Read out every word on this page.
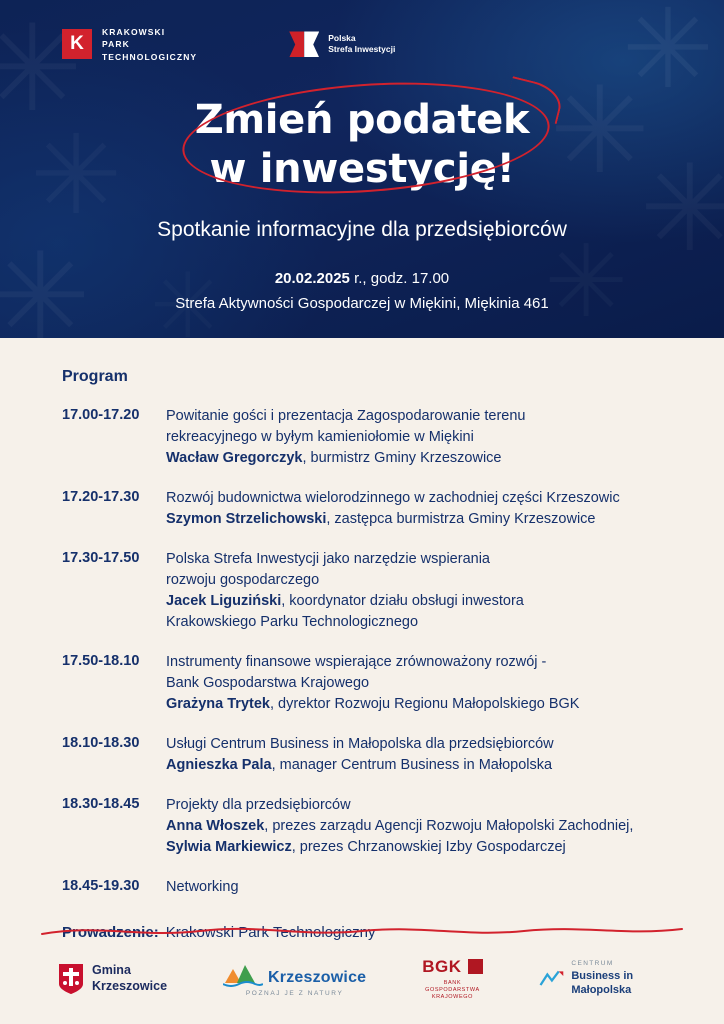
✳
K
KRAKOWSKI
PARK
TECHNOLOGICZNY
Polska
Strefa Inwestycji
Zmień podatek
w inwestycję!
Spotkanie informacyjne dla przedsiębiorców
20.02.2025 r., godz. 17.00
Strefa Aktywności Gospodarczej w Miękini, Miękinia 461
Program
17.00-17.20	Powitanie gości i prezentacja Zagospodarowanie terenu
rekreacyjnego w byłym kamieniołomie w Miękini
Wacław Gregorczyk, burmistrz Gminy Krzeszowice
17.20-17.30	Rozwój budownictwa wielorodzinnego w zachodniej części Krzeszowic
Szymon Strzelichowski, zastępca burmistrza Gminy Krzeszowice
17.30-17.50	Polska Strefa Inwestycji jako narzędzie wspierania
rozwoju gospodarczego
Jacek Liguziński, koordynator działu obsługi inwestora
Krakowskiego Parku Technologicznego
17.50-18.10	Instrumenty finansowe wspierające zrównoważony rozwój -
Bank Gospodarstwa Krajowego
Grażyna Trytek, dyrektor Rozwoju Regionu Małopolskiego BGK
18.10-18.30	Usługi Centrum Business in Małopolska dla przedsiębiorców
Agnieszka Pala, manager Centrum Business in Małopolska
18.30-18.45	Projekty dla przedsiębiorców
Anna Włoszek, prezes zarządu Agencji Rozwoju Małopolski Zachodniej,
Sylwia Markiewicz, prezes Chrzanowskiej Izby Gospodarczej
18.45-19.30	Networking
Prowadzenie: Krakowski Park Technologiczny
Gmina
Krzeszowice	Krzeszowice
POZNAJ JE Z NATURY
BGK
BANK GOSPODARSTWA
KRAJOWEGO
CENTRUM
Business in Małopolska
